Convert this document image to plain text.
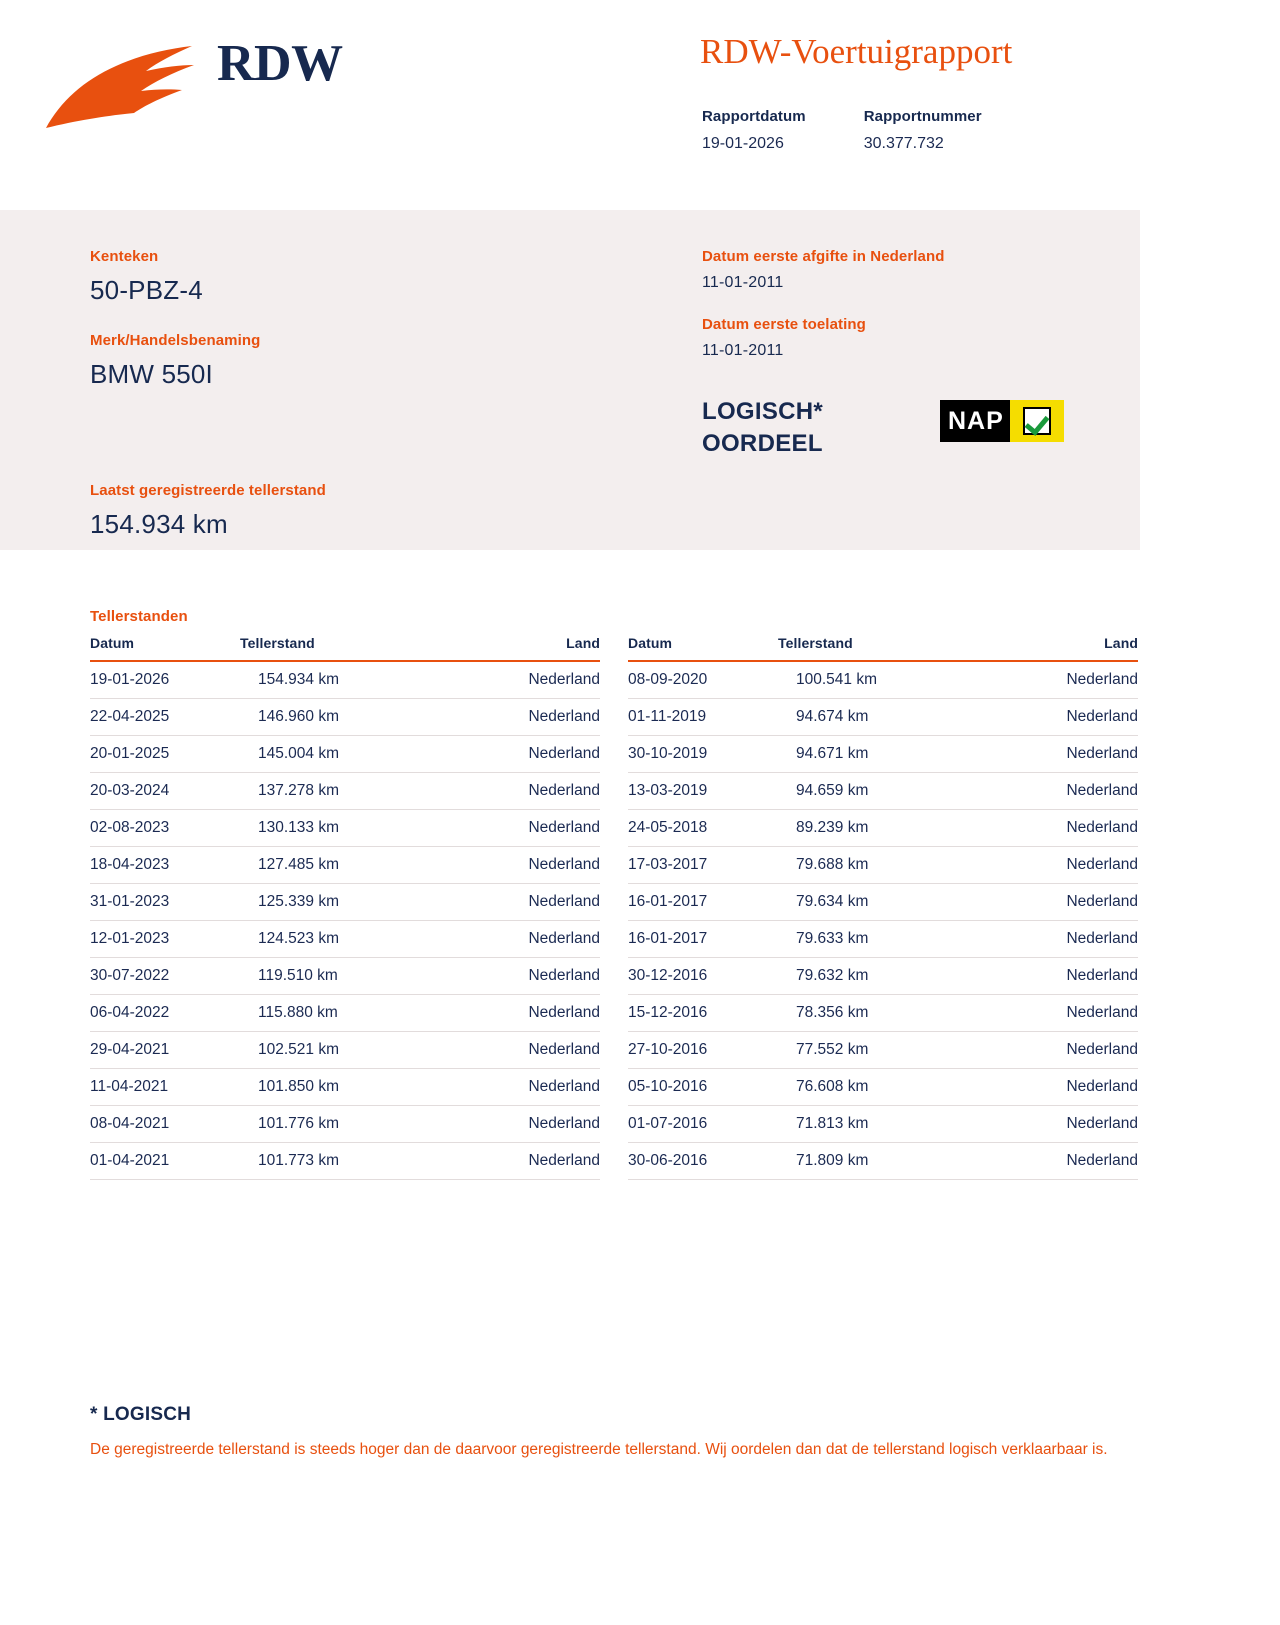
RDW	RDW-Voertuigrapport
Rapportdatum
19-01-2026
Rapportnummer
30.377.732
Kenteken
50-PBZ-4
Merk/Handelsbenaming
BMW 550I
Laatst geregistreerde tellerstand
154.934 km
Datum eerste afgifte in Nederland
11-01-2011
Datum eerste toelating
11-01-2011
LOGISCH*
OORDEEL
NAP
Tellerstanden
Datum	Tellerstand	Land
19-01-2026	154.934 km	Nederland
22-04-2025	146.960 km	Nederland
20-01-2025	145.004 km	Nederland
20-03-2024	137.278 km	Nederland
02-08-2023	130.133 km	Nederland
18-04-2023	127.485 km	Nederland
31-01-2023	125.339 km	Nederland
12-01-2023	124.523 km	Nederland
30-07-2022	119.510 km	Nederland
06-04-2022	115.880 km	Nederland
29-04-2021	102.521 km	Nederland
11-04-2021	101.850 km	Nederland
08-04-2021	101.776 km	Nederland
01-04-2021	101.773 km	Nederland
Datum	Tellerstand	Land
08-09-2020	100.541 km	Nederland
01-11-2019	94.674 km	Nederland
30-10-2019	94.671 km	Nederland
13-03-2019	94.659 km	Nederland
24-05-2018	89.239 km	Nederland
17-03-2017	79.688 km	Nederland
16-01-2017	79.634 km	Nederland
16-01-2017	79.633 km	Nederland
30-12-2016	79.632 km	Nederland
15-12-2016	78.356 km	Nederland
27-10-2016	77.552 km	Nederland
05-10-2016	76.608 km	Nederland
01-07-2016	71.813 km	Nederland
30-06-2016	71.809 km	Nederland
* LOGISCH

De geregistreerde tellerstand is steeds hoger dan de daarvoor geregistreerde tellerstand. Wij oordelen dan dat de tellerstand logisch verklaarbaar is.
